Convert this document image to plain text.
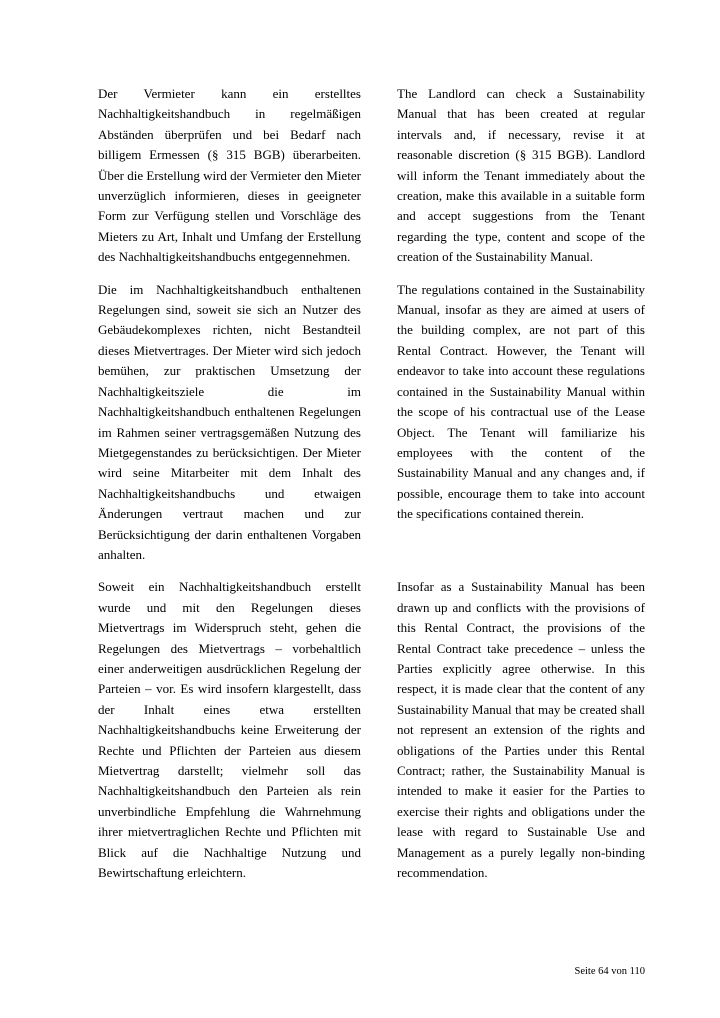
Der Vermieter kann ein erstelltes Nachhaltigkeitshandbuch in regelmäßigen Abständen überprüfen und bei Bedarf nach billigem Ermessen (§ 315 BGB) überarbeiten. Über die Erstellung wird der Vermieter den Mieter unverzüglich informieren, dieses in geeigneter Form zur Verfügung stellen und Vorschläge des Mieters zu Art, Inhalt und Umfang der Erstellung des Nachhaltigkeitshandbuchs entgegennehmen.
The Landlord can check a Sustainability Manual that has been created at regular intervals and, if necessary, revise it at reasonable discretion (§ 315 BGB). Landlord will inform the Tenant immediately about the creation, make this available in a suitable form and accept suggestions from the Tenant regarding the type, content and scope of the creation of the Sustainability Manual.
Die im Nachhaltigkeitshandbuch enthaltenen Regelungen sind, soweit sie sich an Nutzer des Gebäudekomplexes richten, nicht Bestandteil dieses Mietvertrages. Der Mieter wird sich jedoch bemühen, zur praktischen Umsetzung der Nachhaltigkeitsziele die im Nachhaltigkeitshandbuch enthaltenen Regelungen im Rahmen seiner vertragsgemäßen Nutzung des Mietgegenstandes zu berücksichtigen. Der Mieter wird seine Mitarbeiter mit dem Inhalt des Nachhaltigkeitshandbuchs und etwaigen Änderungen vertraut machen und zur Berücksichtigung der darin enthaltenen Vorgaben anhalten.
The regulations contained in the Sustainability Manual, insofar as they are aimed at users of the building complex, are not part of this Rental Contract. However, the Tenant will endeavor to take into account these regulations contained in the Sustainability Manual within the scope of his contractual use of the Lease Object. The Tenant will familiarize his employees with the content of the Sustainability Manual and any changes and, if possible, encourage them to take into account the specifications contained therein.
Soweit ein Nachhaltigkeitshandbuch erstellt wurde und mit den Regelungen dieses Mietvertrags im Widerspruch steht, gehen die Regelungen des Mietvertrags – vorbehaltlich einer anderweitigen ausdrücklichen Regelung der Parteien – vor. Es wird insofern klargestellt, dass der Inhalt eines etwa erstellten Nachhaltigkeitshandbuchs keine Erweiterung der Rechte und Pflichten der Parteien aus diesem Mietvertrag darstellt; vielmehr soll das Nachhaltigkeitshandbuch den Parteien als rein unverbindliche Empfehlung die Wahrnehmung ihrer mietvertraglichen Rechte und Pflichten mit Blick auf die Nachhaltige Nutzung und Bewirtschaftung erleichtern.
Insofar as a Sustainability Manual has been drawn up and conflicts with the provisions of this Rental Contract, the provisions of the Rental Contract take precedence – unless the Parties explicitly agree otherwise. In this respect, it is made clear that the content of any Sustainability Manual that may be created shall not represent an extension of the rights and obligations of the Parties under this Rental Contract; rather, the Sustainability Manual is intended to make it easier for the Parties to exercise their rights and obligations under the lease with regard to Sustainable Use and Management as a purely legally non-binding recommendation.
Seite 64 von 110
